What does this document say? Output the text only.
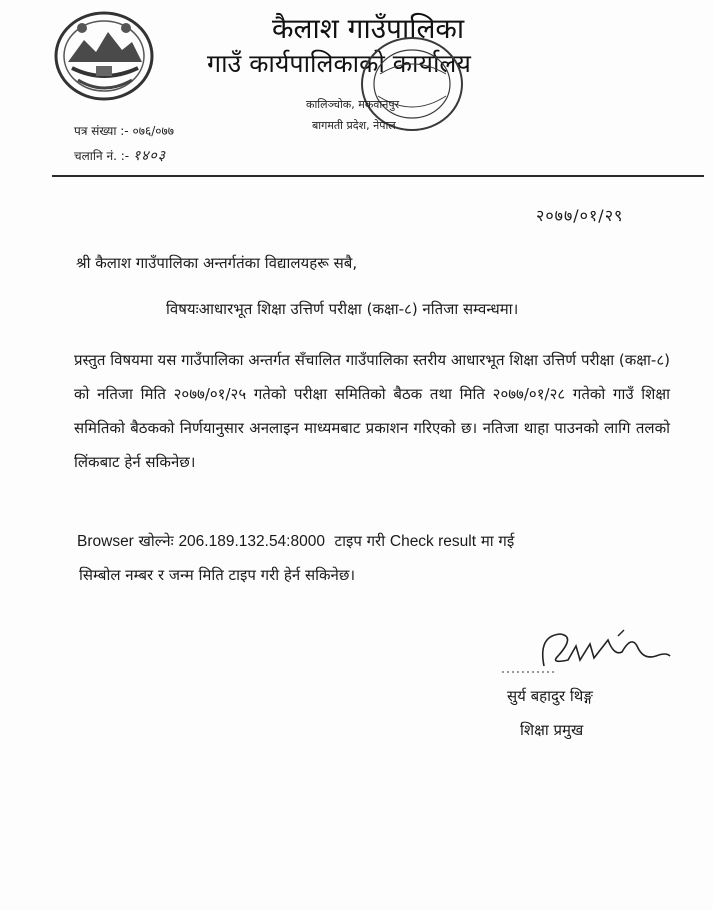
कैलाश गाउँपालिका
गाउँ कार्यपालिकाको कार्यालय
कालिञ्चोक, मकवानपुर
बागमती प्रदेश, नेपाल
पत्र संख्या :- ०७६/०७७
चलानि नं. :- १४०३
२०७७/०१/२९
श्री कैलाश गाउँपालिका अन्तर्गतंका विद्यालयहरू सबै,
विषयःआधारभूत शिक्षा उत्तिर्ण परीक्षा (कक्षा-८) नतिजा सम्वन्धमा।
प्रस्तुत विषयमा यस गाउँपालिका अन्तर्गत सँचालित गाउँपालिका स्तरीय आधारभूत शिक्षा उत्तिर्ण परीक्षा (कक्षा-८) को नतिजा मिति २०७७/०१/२५ गतेको परीक्षा समितिको बैठक तथा मिति २०७७/०१/२८ गतेको गाउँ शिक्षा समितिको बैठकको निर्णयानुसार अनलाइन माध्यमबाट प्रकाशन गरिएको छ। नतिजा थाहा पाउनको लागि तलको लिंकबाट हेर्न सकिनेछ।
Browser खोल्नेः 206.189.132.54:8000 टाइप गरी Check result मा गई
सिम्बोल नम्बर र जन्म मिति टाइप गरी हेर्न सकिनेछ।
सुर्य बहादुर थिङ्ग
शिक्षा प्रमुख
